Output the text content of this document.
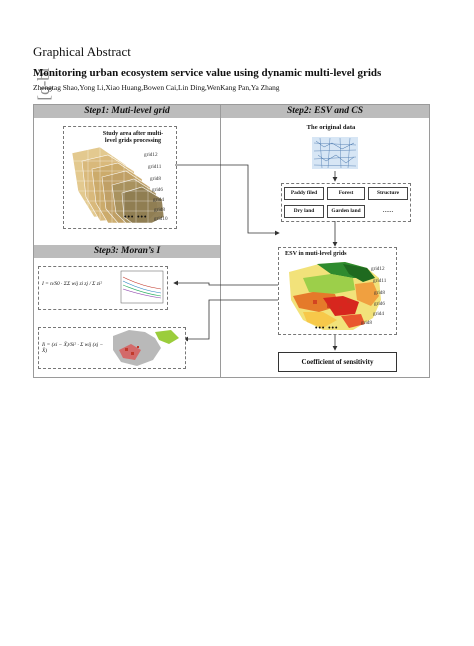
Graphical Abstract
Monitoring urban ecosystem service value using dynamic multi-level grids
Zhengtag Shao,Yong Li,Xiao Huang,Bowen Cai,Lin Ding,WenKang Pan,Ya Zhang
Step1: Muti-level grid	Step2: ESV and CS
Study area after multi-level grids processing
grid12
grid11
grid8
grid6
grid4
grid8
grid10
••• •••
The original data
Paddy filed	Forest	Structure
Dry land	Garden land	……
ESV in muti-level grids
grid12
grid11
grid8
grid6
grid4
grid8
••• •••
Coefficient of sensitivity
Step3: Moran’s I
I = n/S0 · ΣΣ wij zi zj / Σ zi²
Ii = (xi − X̄)/Si² · Σ wij (xj − X̄)
